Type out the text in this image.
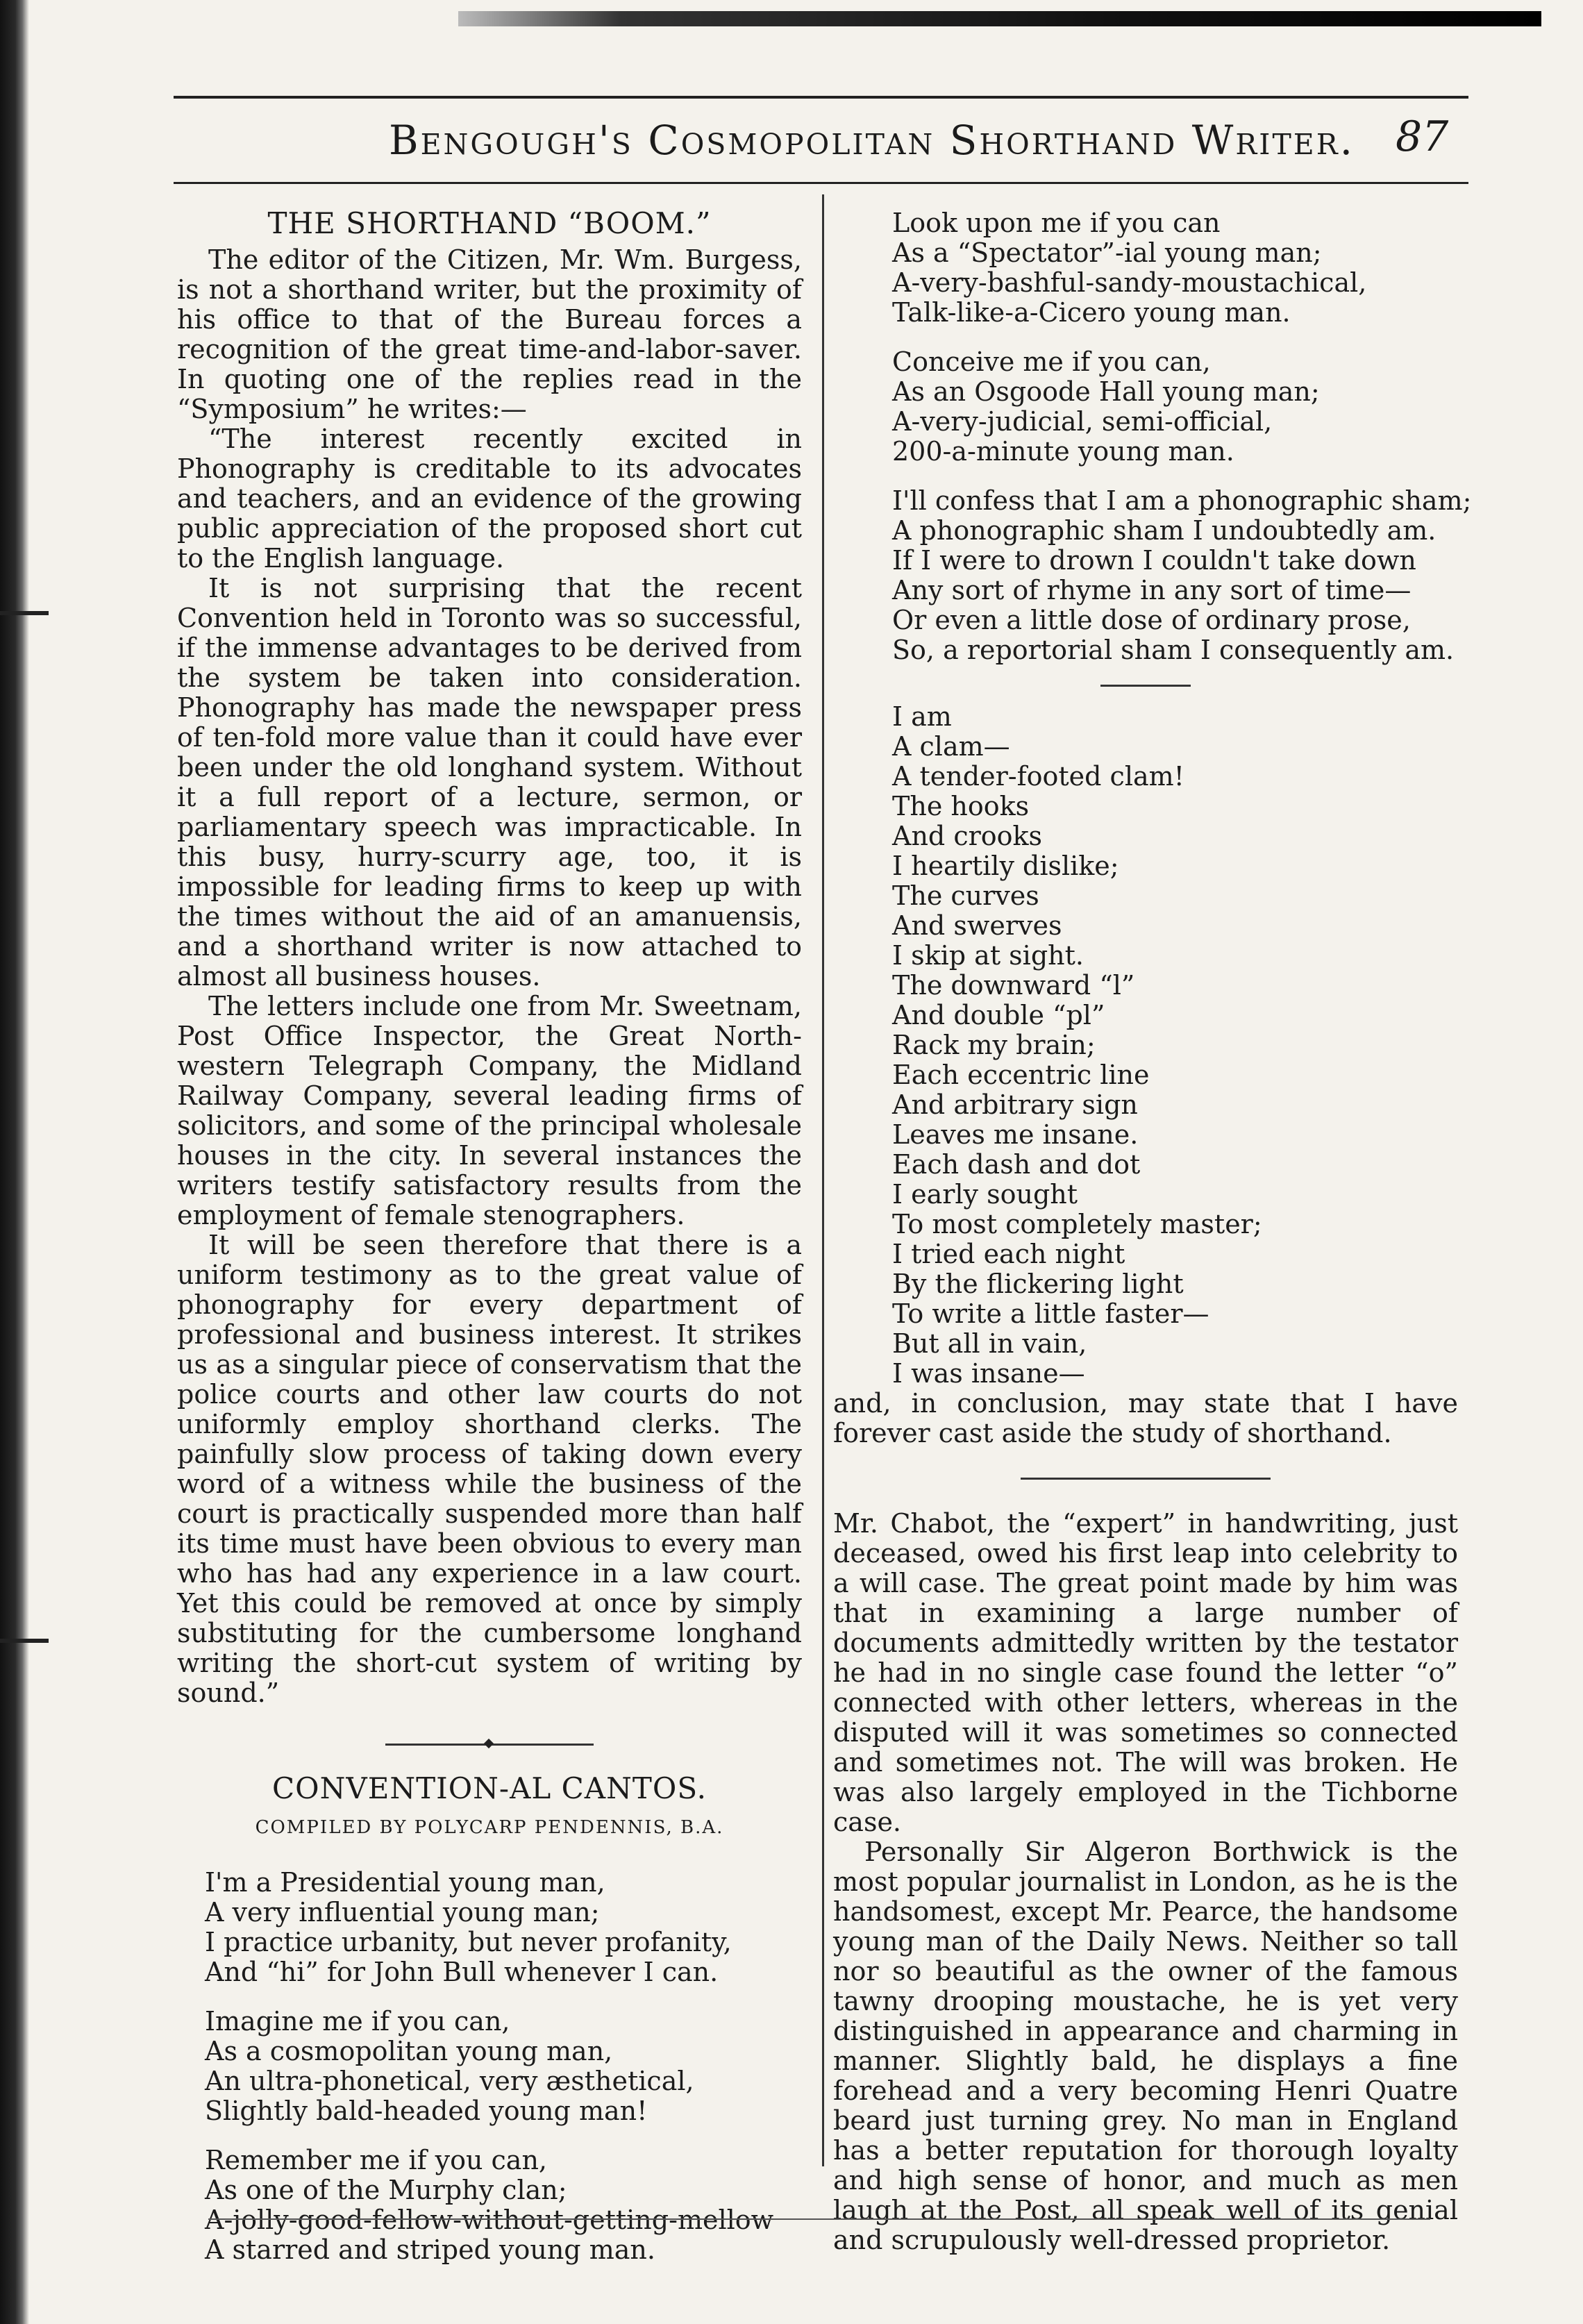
Bengough's Cosmopolitan Shorthand Writer. 87
THE SHORTHAND “BOOM.”

The editor of the Citizen, Mr. Wm. Burgess, is not a shorthand writer, but the proximity of his office to that of the Bureau forces a recognition of the great time-and-labor-saver. In quoting one of the replies read in the “Symposium” he writes:—

“The interest recently excited in Phonography is creditable to its advocates and teachers, and an evidence of the growing public appreciation of the proposed short cut to the English language.

It is not surprising that the recent Convention held in Toronto was so successful, if the immense advantages to be derived from the system be taken into consideration. Phonography has made the newspaper press of ten-fold more value than it could have ever been under the old longhand system. Without it a full report of a lecture, sermon, or parliamentary speech was impracticable. In this busy, hurry-scurry age, too, it is impossible for leading firms to keep up with the times without the aid of an amanuensis, and a shorthand writer is now attached to almost all business houses.

The letters include one from Mr. Sweetnam, Post Office Inspector, the Great North-western Telegraph Company, the Midland Railway Company, several leading firms of solicitors, and some of the principal wholesale houses in the city. In several instances the writers testify satisfactory results from the employment of female stenographers.

It will be seen therefore that there is a uniform testimony as to the great value of phonography for every department of professional and business interest. It strikes us as a singular piece of conservatism that the police courts and other law courts do not uniformly employ shorthand clerks. The painfully slow process of taking down every word of a witness while the business of the court is practically suspended more than half its time must have been obvious to every man who has had any experience in a law court. Yet this could be removed at once by simply substituting for the cumbersome longhand writing the short-cut system of writing by sound.”

CONVENTION-AL CANTOS.
COMPILED BY POLYCARP PENDENNIS, B.A.
I'm a Presidential young man,
A very influential young man;
I practice urbanity, but never profanity,
And “hi” for John Bull whenever I can.
Imagine me if you can,
As a cosmopolitan young man,
An ultra-phonetical, very æsthetical,
Slightly bald-headed young man!
Remember me if you can,
As one of the Murphy clan;
A-jolly-good-fellow-without-getting-mellow
A starred and striped young man.
Look upon me if you can
As a “Spectator”-ial young man;
A-very-bashful-sandy-moustachical,
Talk-like-a-Cicero young man.
Conceive me if you can,
As an Osgoode Hall young man;
A-very-judicial, semi-official,
200-a-minute young man.
I'll confess that I am a phonographic sham;
A phonographic sham I undoubtedly am.
If I were to drown I couldn't take down
Any sort of rhyme in any sort of time—
Or even a little dose of ordinary prose,
So, a reportorial sham I consequently am.
I am
A clam—
A tender-footed clam!
The hooks
And crooks
I heartily dislike;
The curves
And swerves
I skip at sight.
The downward “l”
And double “pl”
Rack my brain;
Each eccentric line
And arbitrary sign
Leaves me insane.
Each dash and dot
I early sought
To most completely master;
I tried each night
By the flickering light
To write a little faster—
But all in vain,
I was insane—

and, in conclusion, may state that I have forever cast aside the study of shorthand.

Mr. Chabot, the “expert” in handwriting, just deceased, owed his first leap into celebrity to a will case. The great point made by him was that in examining a large number of documents admittedly written by the testator he had in no single case found the letter “o” connected with other letters, whereas in the disputed will it was sometimes so connected and sometimes not. The will was broken. He was also largely employed in the Tichborne case.

Personally Sir Algeron Borthwick is the most popular journalist in London, as he is the handsomest, except Mr. Pearce, the handsome young man of the Daily News. Neither so tall nor so beautiful as the owner of the famous tawny drooping moustache, he is yet very distinguished in appearance and charming in manner. Slightly bald, he displays a fine forehead and a very becoming Henri Quatre beard just turning grey. No man in England has a better reputation for thorough loyalty and high sense of honor, and much as men laugh at the Post, all speak well of its genial and scrupulously well-dressed proprietor.
